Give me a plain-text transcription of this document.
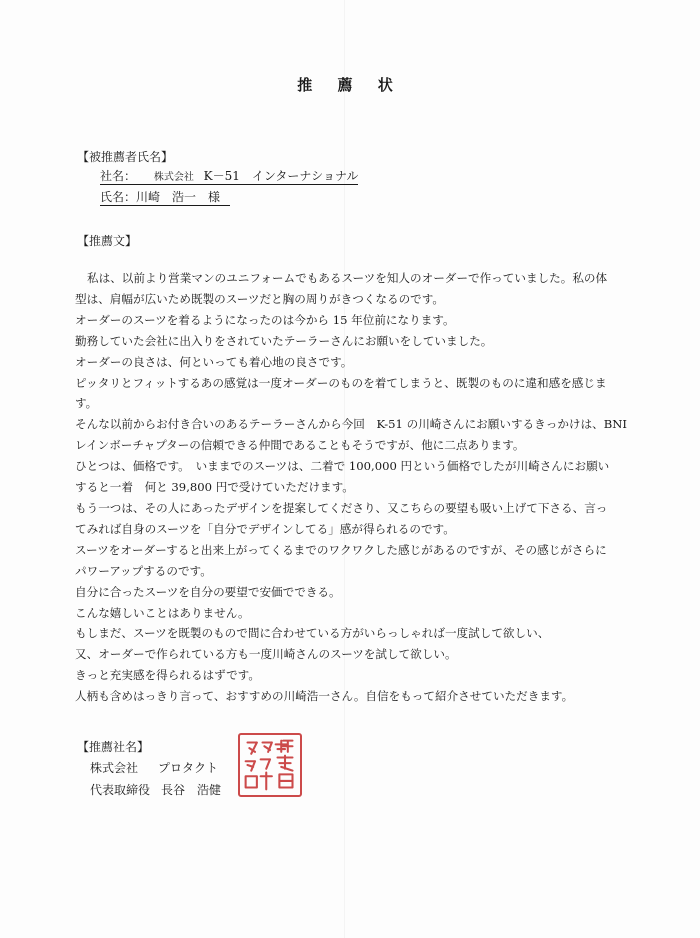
推 薦 状
【被推薦者氏名】
社名： 株式会社 K－51　インターナショナル
氏名：川崎　浩一　様
【推薦文】
私は、以前より営業マンのユニフォームでもあるスーツを知人のオーダーで作っていました。私の体
型は、肩幅が広いため既製のスーツだと胸の周りがきつくなるのです。
オーダーのスーツを着るようになったのは今から 15 年位前になります。
勤務していた会社に出入りをされていたテーラーさんにお願いをしていました。
オーダーの良さは、何といっても着心地の良さです。
ピッタリとフィットするあの感覚は一度オーダーのものを着てしまうと、既製のものに違和感を感じま
す。
そんな以前からお付き合いのあるテーラーさんから今回　K-51 の川崎さんにお願いするきっかけは、BNI
レインボーチャプターの信頼できる仲間であることもそうですが、他に二点あります。
ひとつは、価格です。　いままでのスーツは、二着で 100,000 円という価格でしたが川崎さんにお願い
すると一着　何と 39,800 円で受けていただけます。
もう一つは、その人にあったデザインを提案してくださり、又こちらの要望も吸い上げて下さる、言っ
てみれば自身のスーツを「自分でデザインしてる」感が得られるのです。
スーツをオーダーすると出来上がってくるまでのワクワクした感じがあるのですが、その感じがさらに
パワーアップするのです。
自分に合ったスーツを自分の要望で安価でできる。
こんな嬉しいことはありません。
もしまだ、スーツを既製のもので間に合わせている方がいらっしゃれば一度試して欲しい、
又、オーダーで作られている方も一度川崎さんのスーツを試して欲しい。
きっと充実感を得られるはずです。
人柄も含めはっきり言って、おすすめの川崎浩一さん。自信をもって紹介させていただきます。
【推薦社名】
株式会社 プロタクト
代表取締役 長谷　浩健
